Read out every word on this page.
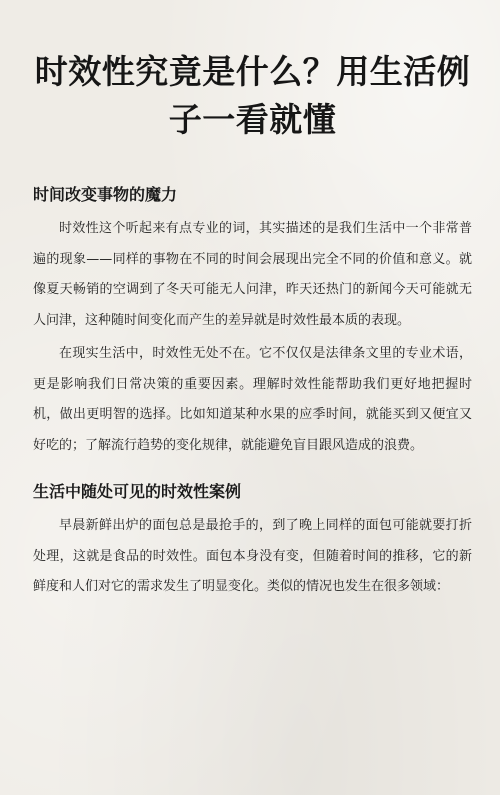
时效性究竟是什么？用生活例子一看就懂
时间改变事物的魔力

时效性这个听起来有点专业的词，其实描述的是我们生活中一个非常普遍的现象——同样的事物在不同的时间会展现出完全不同的价值和意义。就像夏天畅销的空调到了冬天可能无人问津，昨天还热门的新闻今天可能就无人问津，这种随时间变化而产生的差异就是时效性最本质的表现。

在现实生活中，时效性无处不在。它不仅仅是法律条文里的专业术语，更是影响我们日常决策的重要因素。理解时效性能帮助我们更好地把握时机，做出更明智的选择。比如知道某种水果的应季时间，就能买到又便宜又好吃的；了解流行趋势的变化规律，就能避免盲目跟风造成的浪费。

生活中随处可见的时效性案例

早晨新鲜出炉的面包总是最抢手的，到了晚上同样的面包可能就要打折处理，这就是食品的时效性。面包本身没有变，但随着时间的推移，它的新鲜度和人们对它的需求发生了明显变化。类似的情况也发生在很多领域：
